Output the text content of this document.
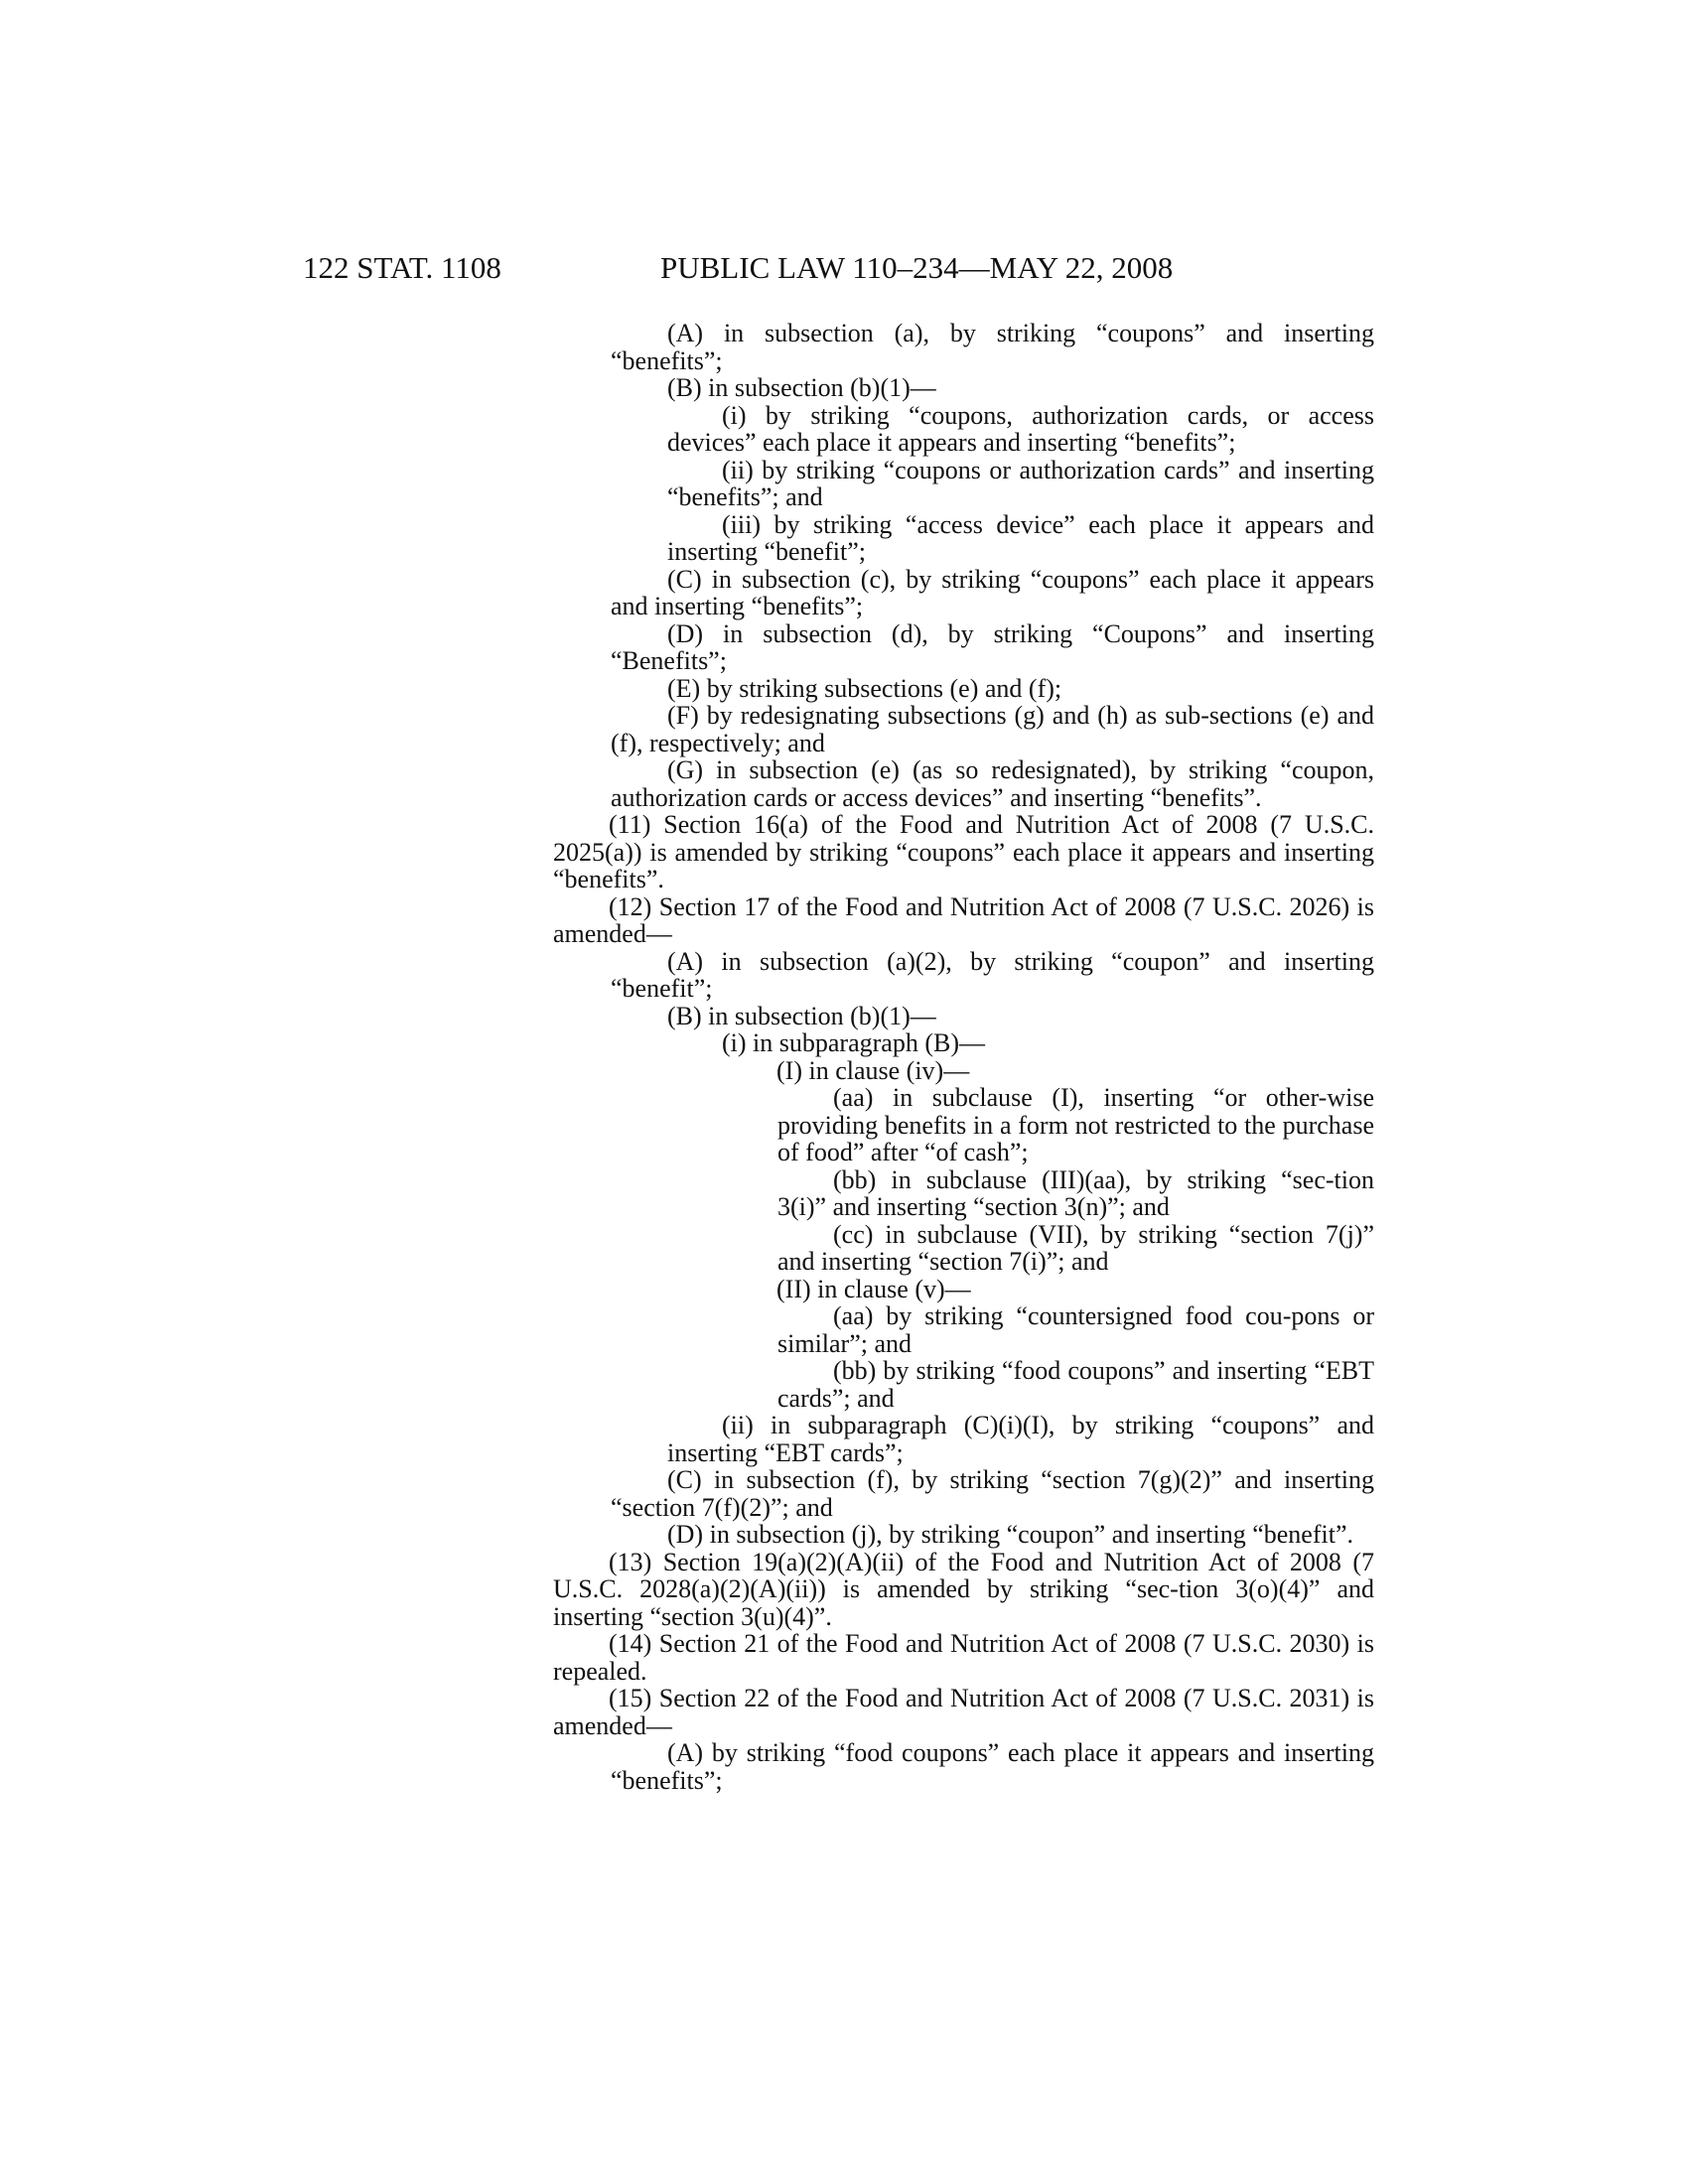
122 STAT. 1108	PUBLIC LAW 110–234—MAY 22, 2008

(A) in subsection (a), by striking “coupons” and inserting “benefits”;

(B) in subsection (b)(1)—

(i) by striking “coupons, authorization cards, or access devices” each place it appears and inserting “benefits”;

(ii) by striking “coupons or authorization cards” and inserting “benefits”; and

(iii) by striking “access device” each place it appears and inserting “benefit”;

(C) in subsection (c), by striking “coupons” each place it appears and inserting “benefits”;

(D) in subsection (d), by striking “Coupons” and inserting “Benefits”;

(E) by striking subsections (e) and (f);

(F) by redesignating subsections (g) and (h) as sub-sections (e) and (f), respectively; and

(G) in subsection (e) (as so redesignated), by striking “coupon, authorization cards or access devices” and inserting “benefits”.

(11) Section 16(a) of the Food and Nutrition Act of 2008 (7 U.S.C. 2025(a)) is amended by striking “coupons” each place it appears and inserting “benefits”.

(12) Section 17 of the Food and Nutrition Act of 2008 (7 U.S.C. 2026) is amended—

(A) in subsection (a)(2), by striking “coupon” and inserting “benefit”;

(B) in subsection (b)(1)—

(i) in subparagraph (B)—

(I) in clause (iv)—

(aa) in subclause (I), inserting “or other-wise providing benefits in a form not restricted to the purchase of food” after “of cash”;

(bb) in subclause (III)(aa), by striking “sec-tion 3(i)” and inserting “section 3(n)”; and

(cc) in subclause (VII), by striking “section 7(j)” and inserting “section 7(i)”; and

(II) in clause (v)—

(aa) by striking “countersigned food cou-pons or similar”; and

(bb) by striking “food coupons” and inserting “EBT cards”; and

(ii) in subparagraph (C)(i)(I), by striking “coupons” and inserting “EBT cards”;

(C) in subsection (f), by striking “section 7(g)(2)” and inserting “section 7(f)(2)”; and

(D) in subsection (j), by striking “coupon” and inserting “benefit”.

(13) Section 19(a)(2)(A)(ii) of the Food and Nutrition Act of 2008 (7 U.S.C. 2028(a)(2)(A)(ii)) is amended by striking “sec-tion 3(o)(4)” and inserting “section 3(u)(4)”.

(14) Section 21 of the Food and Nutrition Act of 2008 (7 U.S.C. 2030) is repealed.

(15) Section 22 of the Food and Nutrition Act of 2008 (7 U.S.C. 2031) is amended—

(A) by striking “food coupons” each place it appears and inserting “benefits”;
